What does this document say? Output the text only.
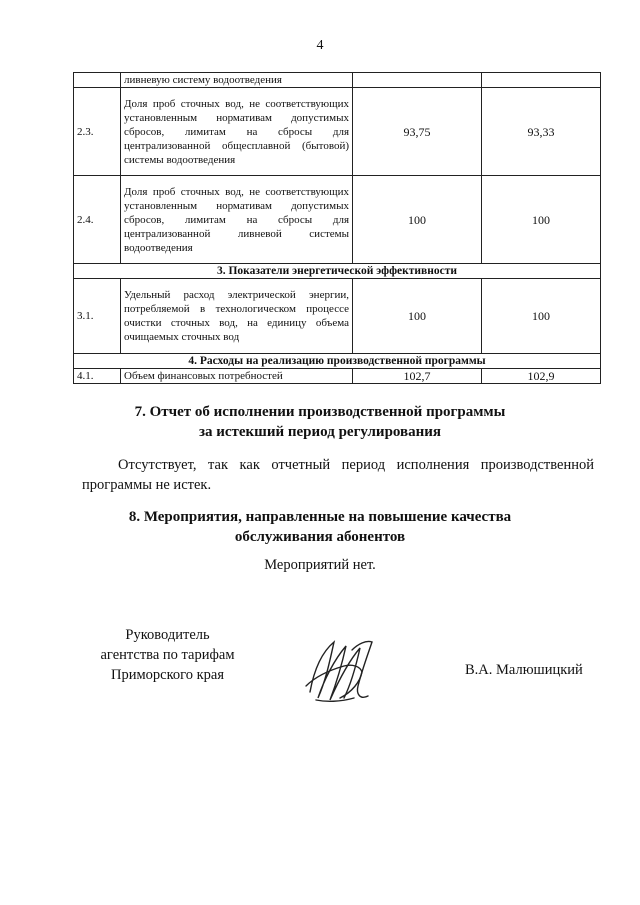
4
	ливневую систему водоотведения		
2.3.	Доля проб сточных вод, не соответствующих установленным нормативам допустимых сбросов, лимитам на сбросы для централизованной общесплавной (бытовой) системы водоотведения	93,75	93,33
2.4.	Доля проб сточных вод, не соответствующих установленным нормативам допустимых сбросов, лимитам на сбросы для централизованной ливневой системы водоотведения	100	100
3. Показатели энергетической эффективности			
3.1.	Удельный расход электрической энергии, потребляемой в технологическом процессе очистки сточных вод, на единицу объема очищаемых сточных вод	100	100
4. Расходы на реализацию производственной программы			
4.1.	Объем финансовых потребностей	102,7	102,9
7. Отчет об исполнении производственной программы
за истекший период регулирования
Отсутствует, так как отчетный период исполнения производственной программы не истек.
8. Мероприятия, направленные на повышение качества
обслуживания абонентов
Мероприятий нет.
Руководитель
агентства по тарифам
Приморского края	В.А. Малюшицкий
